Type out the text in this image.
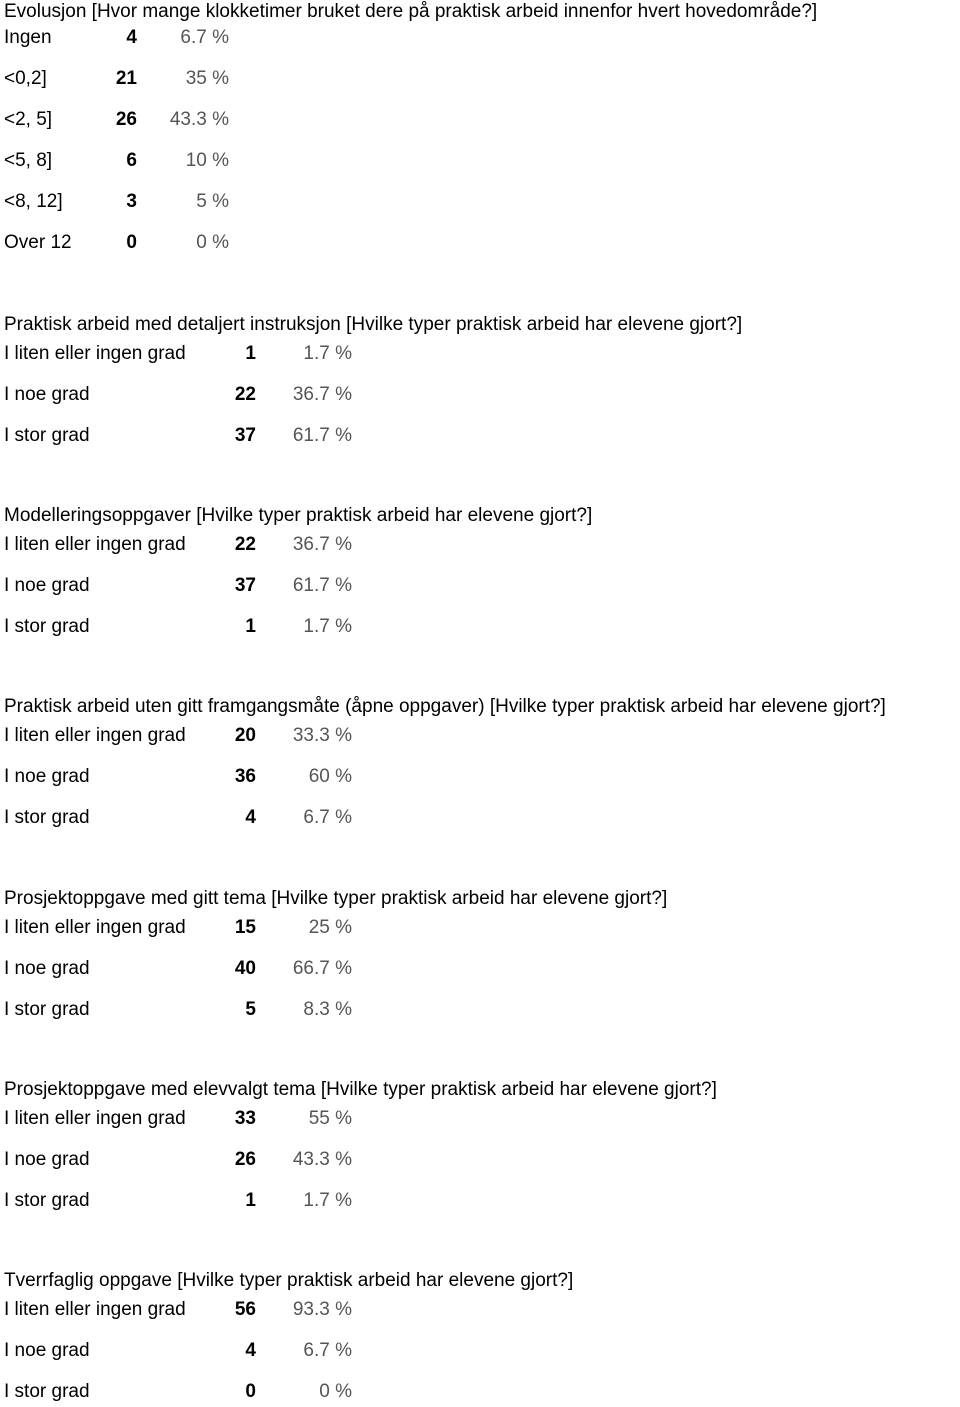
Evolusjon [Hvor mange klokketimer bruket dere på praktisk arbeid innenfor hvert hovedområde?]
Ingen	4	6.7 %
<0,2]	21	35 %
<2, 5]	26	43.3 %
<5, 8]	6	10 %
<8, 12]	3	5 %
Over 12	0	0 %
Praktisk arbeid med detaljert instruksjon [Hvilke typer praktisk arbeid har elevene gjort?]
I liten eller ingen grad	1	1.7 %
I noe grad	22	36.7 %
I stor grad	37	61.7 %
Modelleringsoppgaver [Hvilke typer praktisk arbeid har elevene gjort?]
I liten eller ingen grad	22	36.7 %
I noe grad	37	61.7 %
I stor grad	1	1.7 %
Praktisk arbeid uten gitt framgangsmåte (åpne oppgaver) [Hvilke typer praktisk arbeid har elevene gjort?]
I liten eller ingen grad	20	33.3 %
I noe grad	36	60 %
I stor grad	4	6.7 %
Prosjektoppgave med gitt tema [Hvilke typer praktisk arbeid har elevene gjort?]
I liten eller ingen grad	15	25 %
I noe grad	40	66.7 %
I stor grad	5	8.3 %
Prosjektoppgave med elevvalgt tema [Hvilke typer praktisk arbeid har elevene gjort?]
I liten eller ingen grad	33	55 %
I noe grad	26	43.3 %
I stor grad	1	1.7 %
Tverrfaglig oppgave [Hvilke typer praktisk arbeid har elevene gjort?]
I liten eller ingen grad	56	93.3 %
I noe grad	4	6.7 %
I stor grad	0	0 %
